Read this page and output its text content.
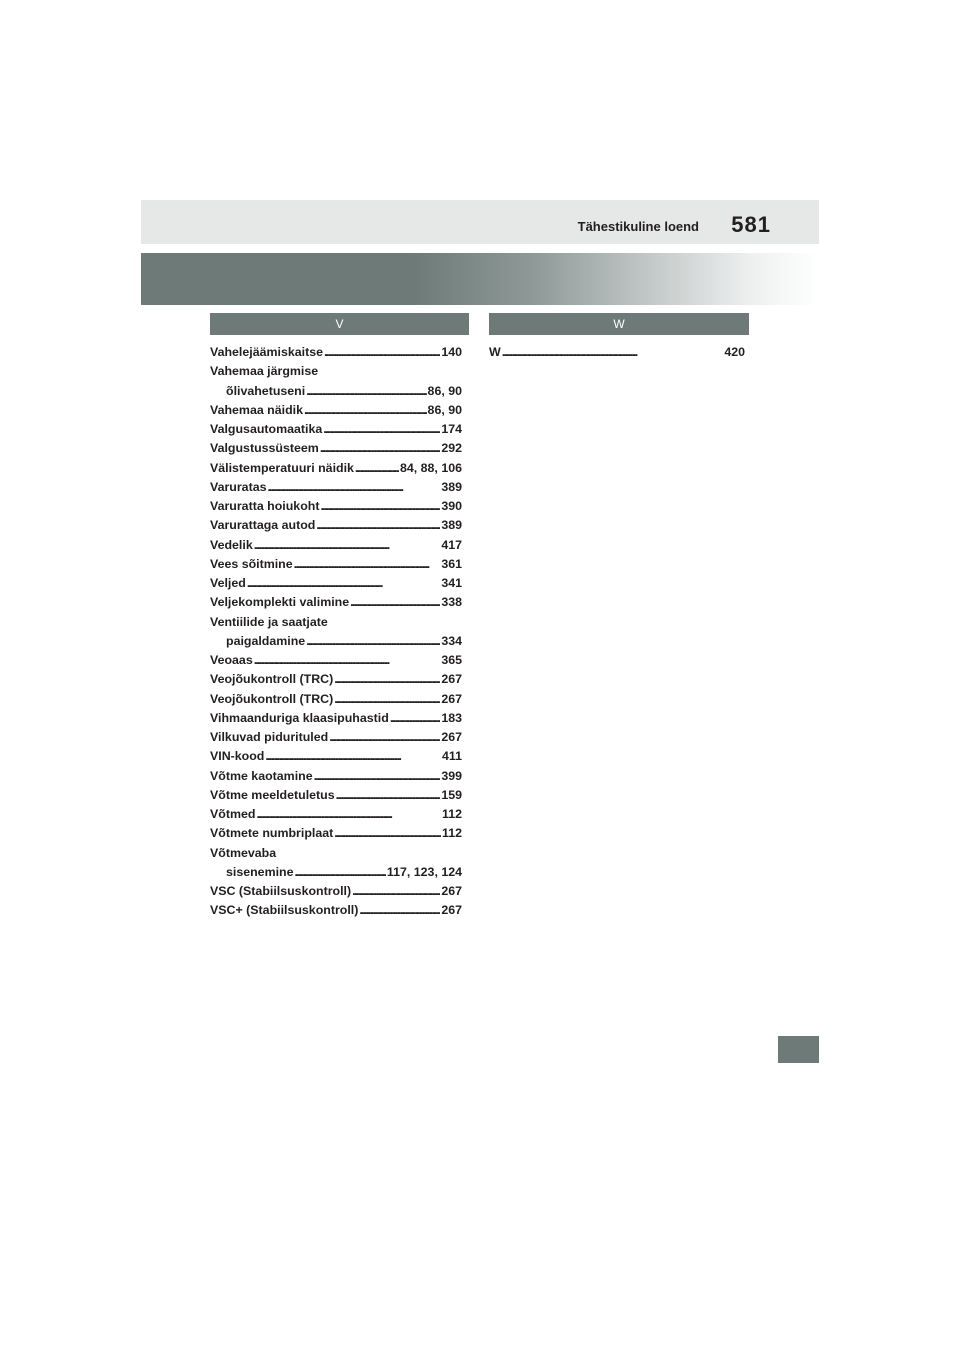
Tähestikuline loend 581
V	W
Vahelejäämiskaitse . . .	140
Vahemaa järgmise
õlivahetuseni . . .	86, 90
Vahemaa näidik . . .	86, 90
Valgusautomaatika . . .	174
Valgustussüsteem . . .	292
Välistemperatuuri näidik . . .	84, 88, 106
Varuratas . . .	389
Varuratta hoiukoht . . .	390
Varurattaga autod . . .	389
Vedelik . . .	417
Vees sõitmine . . .	361
Veljed . . .	341
Veljekomplekti valimine . . .	338
Ventiilide ja saatjate
paigaldamine . . .	334
Veoaas . . .	365
Veojõukontroll (TRC) . . .	267
Veojõukontroll (TRC) . . .	267
Vihmaanduriga klaasipuhastid . . .	183
Vilkuvad pidurituled . . .	267
VIN-kood . . .	411
Võtme kaotamine . . .	399
Võtme meeldetuletus . . .	159
Võtmed . . .	112
Võtmete numbriplaat . . .	112
Võtmevaba
sisenemine . . .	117, 123, 124
VSC (Stabiilsuskontroll) . . .	267
VSC+ (Stabiilsuskontroll) . . .	267
W . . .	420
